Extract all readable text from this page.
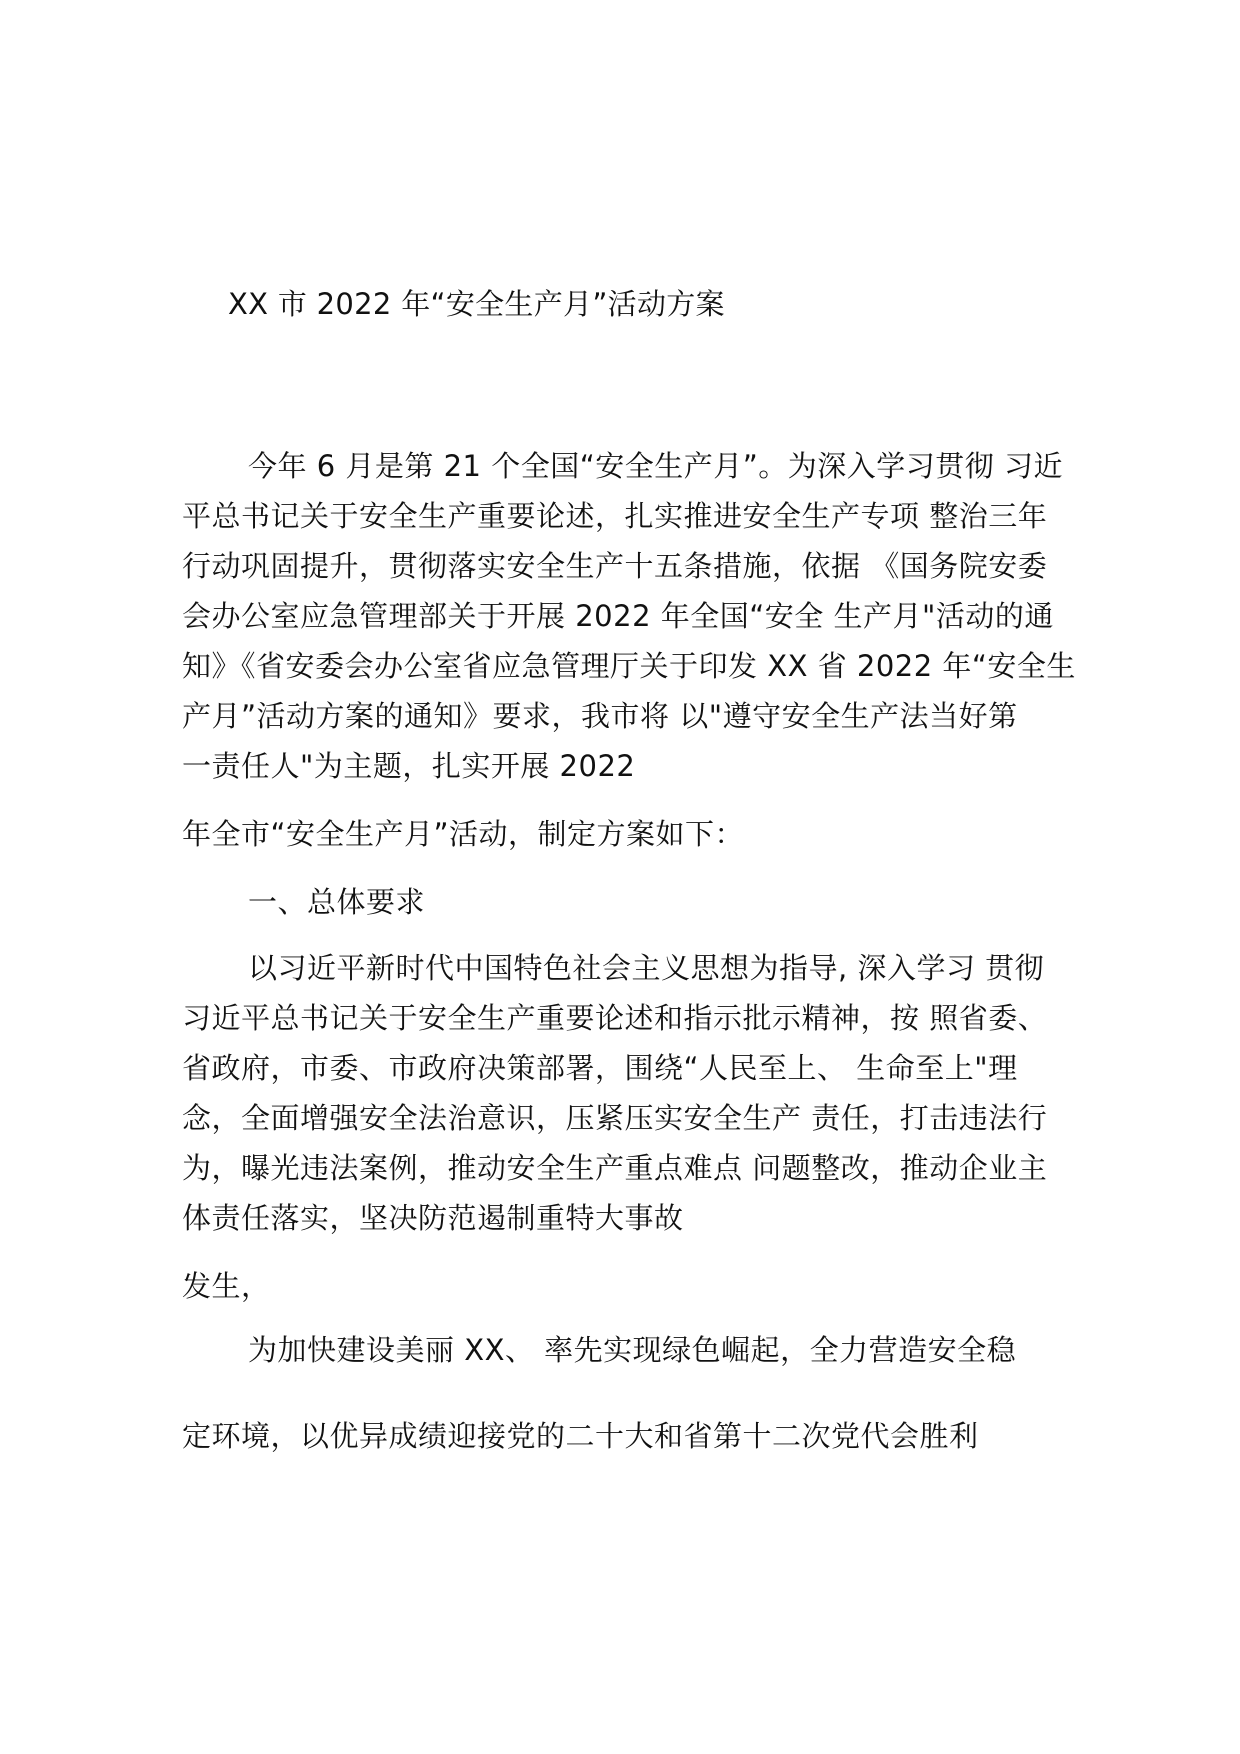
XX 市 2022 年“安全生产月”活动方案
今年 6 月是第 21 个全国“安全生产月”。为深入学习贯彻 习近
平总书记关于安全生产重要论述，扎实推进安全生产专项 整治三年
行动巩固提升，贯彻落实安全生产十五条措施，依据 《国务院安委
会办公室应急管理部关于开展 2022 年全国“安全 生产月"活动的通
知》《省安委会办公室省应急管理厅关于印发 XX 省 2022 年“安全生
产月”活动方案的通知》要求，我市将 以"遵守安全生产法当好第
一责任人"为主题，扎实开展 2022
年全市“安全生产月”活动，制定方案如下：
一、总体要求
以习近平新时代中国特色社会主义思想为指导, 深入学习 贯彻
习近平总书记关于安全生产重要论述和指示批示精神，按 照省委、
省政府，市委、市政府决策部署，围绕“人民至上、 生命至上"理
念，全面增强安全法治意识，压紧压实安全生产 责任，打击违法行
为，曝光违法案例，推动安全生产重点难点 问题整改，推动企业主
体责任落实，坚决防范遏制重特大事故
发生，
为加快建设美丽 XX、 率先实现绿色崛起，全力营造安全稳
定环境，以优异成绩迎接党的二十大和省第十二次党代会胜利
